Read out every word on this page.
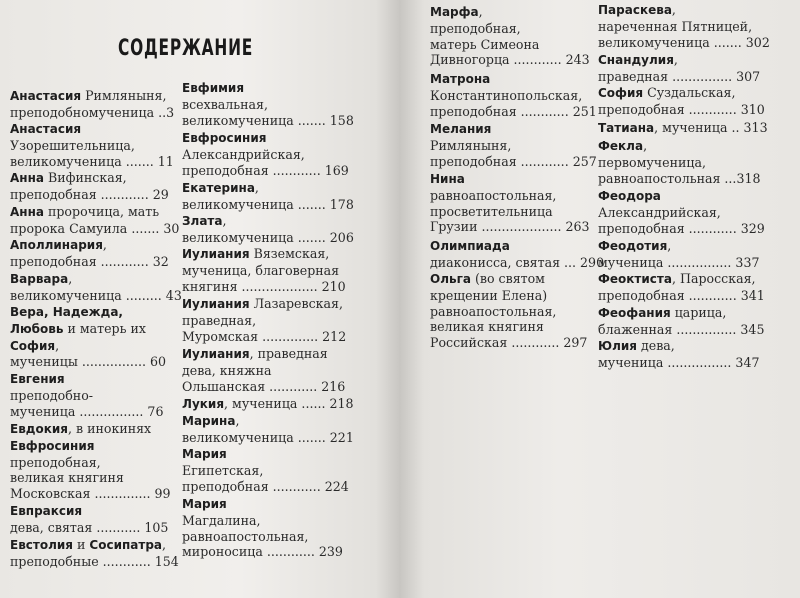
СОДЕРЖАНИЕ
Анастасия Римляныня,
преподобномученица ..3
Анастасия
Узорешительница,
великомученица ....... 11
Анна Вифинская,
преподобная ............ 29
Анна пророчица, мать
пророка Самуила ....... 30
Аполлинария,
преподобная ............ 32
Варвара,
великомученица ......... 43
Вера, Надежда,
Любовь и матерь их
София,
мученицы ................ 60
Евгения
преподобно-
мученица ................ 76
Евдокия, в инокинях
Евфросиния
преподобная,
великая княгиня
Московская .............. 99
Евпраксия
дева, святая ........... 105
Евстолия и Сосипатра,
преподобные ............ 154
Евфимия
всехвальная,
великомученица ....... 158
Евфросиния
Александрийская,
преподобная ............ 169
Екатерина,
великомученица ....... 178
Злата,
великомученица ....... 206
Иулиания Вяземская,
мученица, благоверная
княгиня ................... 210
Иулиания Лазаревская,
праведная,
Муромская .............. 212
Иулиания, праведная
дева, княжна
Ольшанская ............ 216
Лукия, мученица ...... 218
Марина,
великомученица ....... 221
Мария
Египетская,
преподобная ............ 224
Мария
Магдалина,
равноапостольная,
мироносица ............ 239
Марфа,
преподобная,
матерь Симеона
Дивногорца ............ 243
Матрона
Константинопольская,
преподобная ............ 251
Мелания
Римляныня,
преподобная ............ 257
Нина
равноапостольная,
просветительница
Грузии .................... 263
Олимпиада
диаконисса, святая ... 290
Ольга (во святом
крещении Елена)
равноапостольная,
великая княгиня
Российская ............ 297
Параскева,
нареченная Пятницей,
великомученица ....... 302
Снандулия,
праведная ............... 307
София Суздальская,
преподобная ............ 310
Татиана, мученица .. 313
Фекла,
первомученица,
равноапостольная ...318
Феодора
Александрийская,
преподобная ............ 329
Феодотия,
мученица ................ 337
Феоктиста, Паросская,
преподобная ............ 341
Феофания царица,
блаженная ............... 345
Юлия дева,
мученица ................ 347
